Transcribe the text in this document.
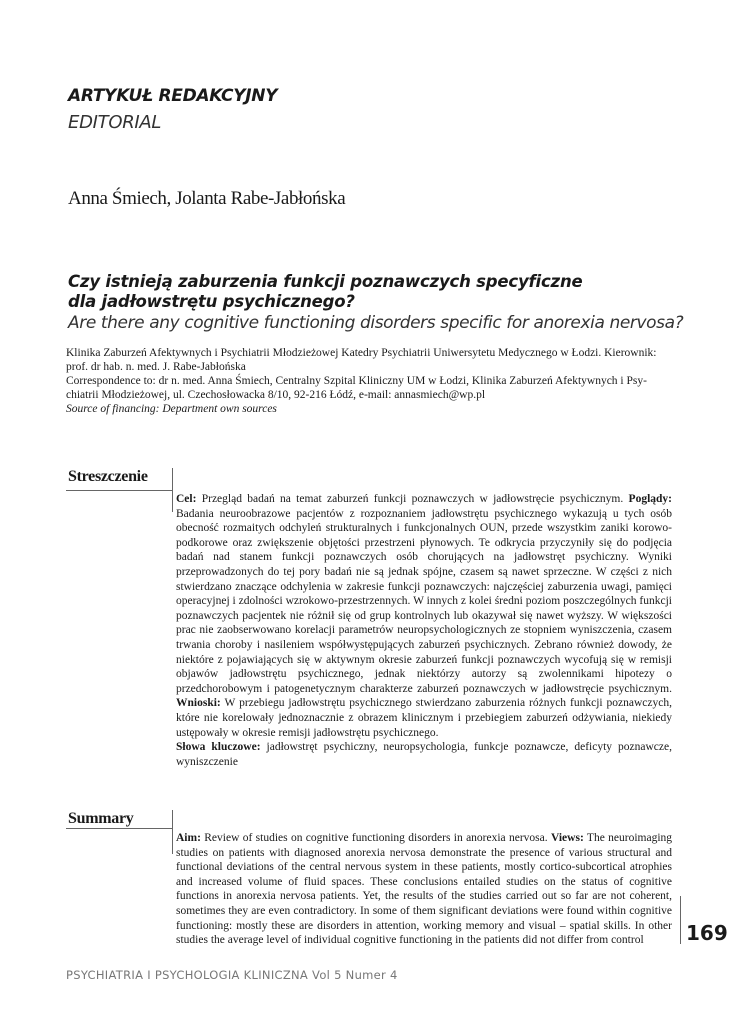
ARTYKUŁ REDAKCYJNY
EDITORIAL
Anna Śmiech, Jolanta Rabe-Jabłońska
Czy istnieją zaburzenia funkcji poznawczych specyficzne
dla jadłowstrętu psychicznego?
Are there any cognitive functioning disorders specific for anorexia nervosa?
Klinika Zaburzeń Afektywnych i Psychiatrii Młodzieżowej Katedry Psychiatrii Uniwersytetu Medycznego w Łodzi. Kierownik:
prof. dr hab. n. med. J. Rabe-Jabłońska
Correspondence to: dr n. med. Anna Śmiech, Centralny Szpital Kliniczny UM w Łodzi, Klinika Zaburzeń Afektywnych i Psy-
chiatrii Młodzieżowej, ul. Czechosłowacka 8/10, 92-216 Łódź, e-mail: annasmiech@wp.pl
Source of financing: Department own sources
Streszczenie
Cel: Przegląd badań na temat zaburzeń funkcji poznawczych w jadłowstręcie psychicznym. Poglądy: Badania neuroobrazowe pacjentów z rozpoznaniem jadłowstrętu psychicznego wykazują u tych osób obecność rozmaitych odchyleń strukturalnych i funkcjonalnych OUN, przede wszystkim zaniki korowo-podkorowe oraz zwiększenie objętości przestrzeni płynowych. Te odkrycia przyczyniły się do podjęcia badań nad stanem funkcji poznawczych osób chorujących na jadłowstręt psychiczny. Wyniki przeprowadzonych do tej pory badań nie są jednak spójne, czasem są nawet sprzeczne. W części z nich stwierdzano znaczące odchylenia w zakresie funkcji poznawczych: najczęściej zaburzenia uwagi, pamięci operacyjnej i zdolności wzrokowo-przestrzennych. W innych z kolei średni poziom poszczególnych funkcji poznawczych pacjentek nie różnił się od grup kontrolnych lub okazywał się nawet wyższy. W większości prac nie zaobserwowano korelacji parametrów neuropsychologicznych ze stopniem wyniszczenia, czasem trwania choroby i nasileniem współwystępujących zaburzeń psychicznych. Zebrano również dowody, że niektóre z pojawiających się w aktywnym okresie zaburzeń funkcji poznawczych wycofują się w remisji objawów jadłowstrętu psychicznego, jednak niektórzy autorzy są zwolennikami hipotezy o przedchorobowym i patogenetycznym charakterze zaburzeń poznawczych w jadłowstręcie psychicznym. Wnioski: W przebiegu jadłowstrętu psychicznego stwierdzano zaburzenia różnych funkcji poznawczych, które nie korelowały jednoznacznie z obrazem klinicznym i przebiegiem zaburzeń odżywiania, niekiedy ustępowały w okresie remisji jadłowstrętu psychicznego.
Słowa kluczowe: jadłowstręt psychiczny, neuropsychologia, funkcje poznawcze, deficyty poznawcze, wyniszczenie
Summary
Aim: Review of studies on cognitive functioning disorders in anorexia nervosa. Views: The neuroimaging studies on patients with diagnosed anorexia nervosa demonstrate the presence of various structural and functional deviations of the central nervous system in these patients, mostly cortico-subcortical atrophies and increased volume of fluid spaces. These conclusions entailed studies on the status of cognitive functions in anorexia nervosa patients. Yet, the results of the studies carried out so far are not coherent, sometimes they are even contradictory. In some of them significant deviations were found within cognitive functioning: mostly these are disorders in attention, working memory and visual – spatial skills. In other studies the average level of individual cognitive functioning in the patients did not differ from control	169
PSYCHIATRIA I PSYCHOLOGIA KLINICZNA Vol 5 Numer 4
